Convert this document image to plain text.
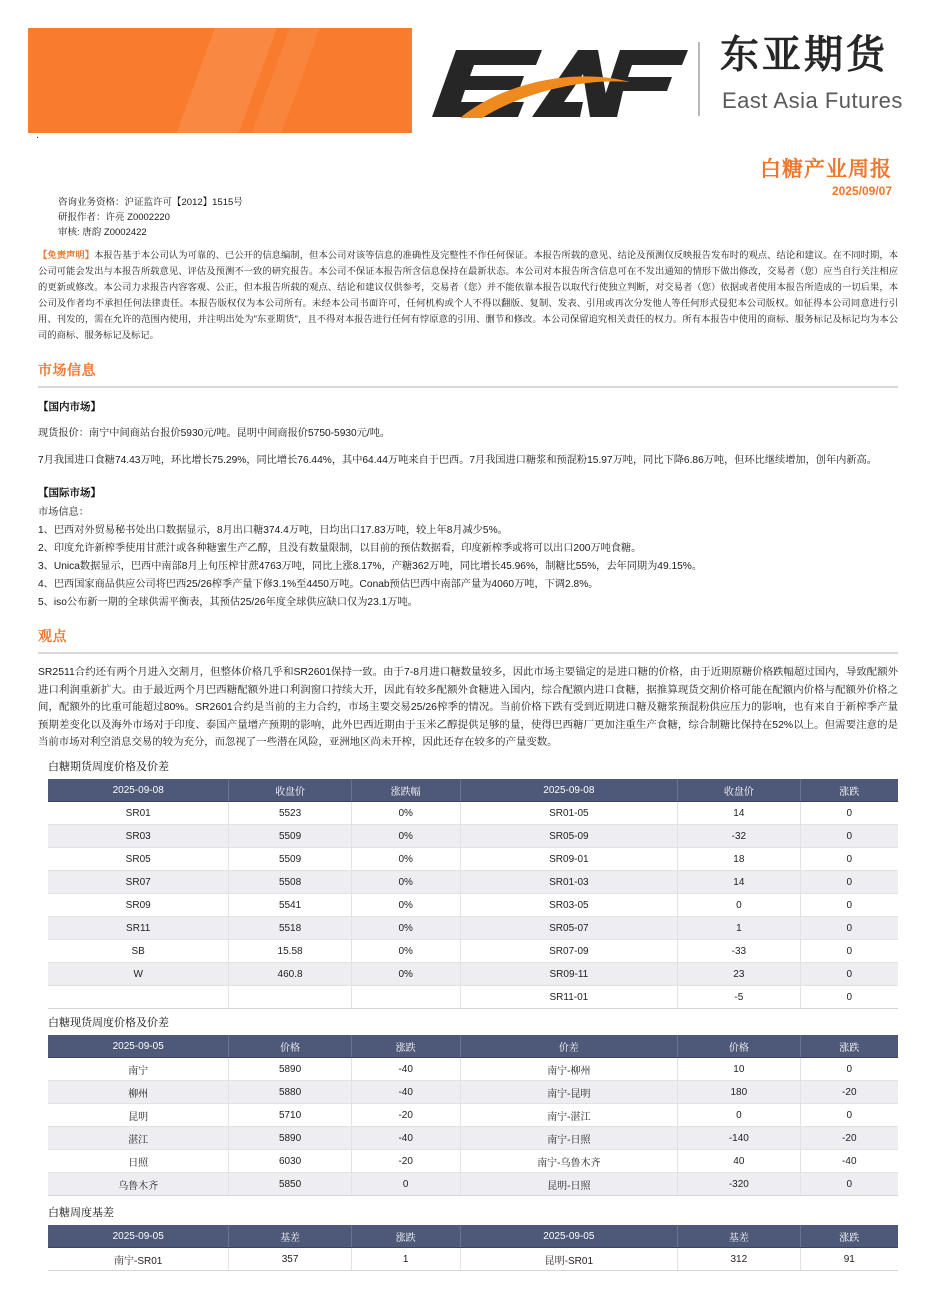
东亚期货
East Asia Futures
.
白糖产业周报
2025/09/07
咨询业务资格：沪证监许可【2012】1515号
研报作者：许亮 Z0002220
审核: 唐韵 Z0002422
【免责声明】本报告基于本公司认为可靠的、已公开的信息编制，但本公司对该等信息的准确性及完整性不作任何保证。本报告所载的意见、结论及预测仅反映报告发布时的观点、结论和建议。在不同时期，本公司可能会发出与本报告所载意见、评估及预测不一致的研究报告。本公司不保证本报告所含信息保持在最新状态。本公司对本报告所含信息可在不发出通知的情形下做出修改，交易者（您）应当自行关注相应的更新或修改。本公司力求报告内容客观、公正，但本报告所载的观点、结论和建议仅供参考，交易者（您）并不能依靠本报告以取代行使独立判断，对交易者（您）依据或者使用本报告所造成的一切后果，本公司及作者均不承担任何法律责任。本报告版权仅为本公司所有。未经本公司书面许可，任何机构或个人不得以翻版、复制、发表、引用或再次分发他人等任何形式侵犯本公司版权。如征得本公司同意进行引用、刊发的，需在允许的范围内使用，并注明出处为"东亚期货"，且不得对本报告进行任何有悖原意的引用、删节和修改。本公司保留追究相关责任的权力。所有本报告中使用的商标、服务标记及标记均为本公司的商标、服务标记及标记。
市场信息
【国内市场】
现货报价：南宁中间商站台报价5930元/吨。昆明中间商报价5750-5930元/吨。
7月我国进口食糖74.43万吨，环比增长75.29%，同比增长76.44%，其中64.44万吨来自于巴西。7月我国进口糖浆和预混粉15.97万吨，同比下降6.86万吨，但环比继续增加，创年内新高。
【国际市场】
市场信息：
1、巴西对外贸易秘书处出口数据显示，8月出口糖374.4万吨，日均出口17.83万吨，较上年8月减少5%。
2、印度允许新榨季使用甘蔗汁或各种糖蜜生产乙醇，且没有数量限制，以目前的预估数据看，印度新榨季或将可以出口200万吨食糖。
3、Unica数据显示，巴西中南部8月上旬压榨甘蔗4763万吨，同比上涨8.17%，产糖362万吨，同比增长45.96%，制糖比55%，去年同期为49.15%。
4、巴西国家商品供应公司将巴西25/26榨季产量下修3.1%至4450万吨。Conab预估巴西中南部产量为4060万吨，下调2.8%。
5、iso公布新一期的全球供需平衡表，其预估25/26年度全球供应缺口仅为23.1万吨。
观点
SR2511合约还有两个月进入交割月，但整体价格几乎和SR2601保持一致。由于7-8月进口糖数量较多，因此市场主要锚定的是进口糖的价格，由于近期原糖价格跌幅超过国内，导致配额外进口利润重新扩大。由于最近两个月巴西糖配额外进口利润窗口持续大开，因此有较多配额外食糖进入国内，综合配额内进口食糖，据推算现货交割价格可能在配额内价格与配额外价格之间，配额外的比重可能超过80%。SR2601合约是当前的主力合约，市场主要交易25/26榨季的情况。当前价格下跌有受到近期进口糖及糖浆预混粉供应压力的影响，也有来自于新榨季产量预期差变化以及海外市场对于印度、泰国产量增产预期的影响，此外巴西近期由于玉米乙醇提供足够的量，使得巴西糖厂更加注重生产食糖，综合制糖比保持在52%以上。但需要注意的是当前市场对利空消息交易的较为充分，而忽视了一些潜在风险，亚洲地区尚未开榨，因此还存在较多的产量变数。
白糖期货周度价格及价差
2025-09-08	收盘价	涨跌幅	2025-09-08	收盘价	涨跌
SR01	5523	0%	SR01-05	14	0
SR03	5509	0%	SR05-09	-32	0
SR05	5509	0%	SR09-01	18	0
SR07	5508	0%	SR01-03	14	0
SR09	5541	0%	SR03-05	0	0
SR11	5518	0%	SR05-07	1	0
SB	15.58	0%	SR07-09	-33	0
W	460.8	0%	SR09-11	23	0
			SR11-01	-5	0
白糖现货周度价格及价差
2025-09-05	价格	涨跌	价差	价格	涨跌
南宁	5890	-40	南宁-柳州	10	0
柳州	5880	-40	南宁-昆明	180	-20
昆明	5710	-20	南宁-湛江	0	0
湛江	5890	-40	南宁-日照	-140	-20
日照	6030	-20	南宁-乌鲁木齐	40	-40
乌鲁木齐	5850	0	昆明-日照	-320	0
白糖周度基差
2025-09-05	基差	涨跌	2025-09-05	基差	涨跌
南宁-SR01	357	1	昆明-SR01	312	91
